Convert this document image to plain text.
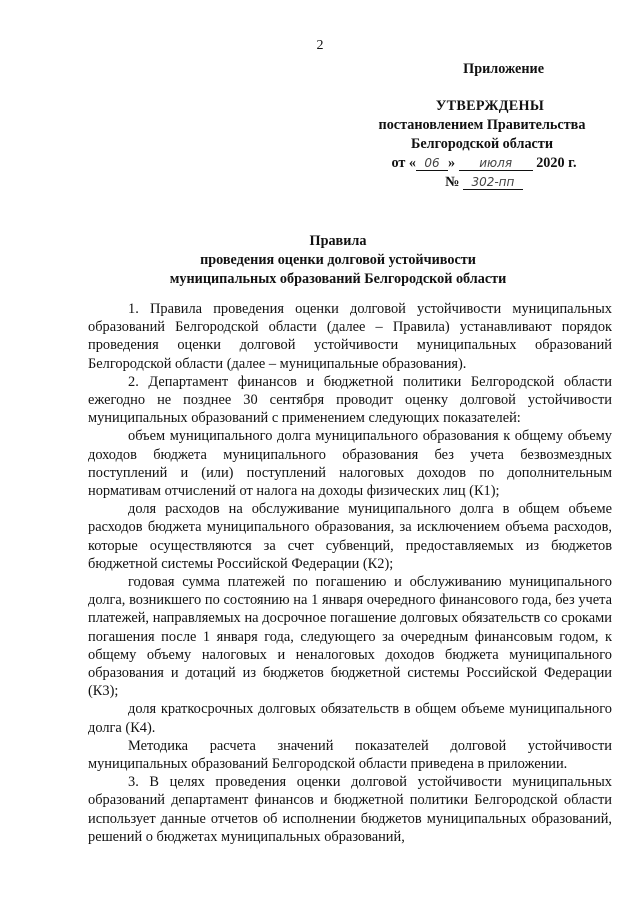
2
Приложение
УТВЕРЖДЕНЫ
постановлением Правительства
Белгородской области
от « 06 » июля 2020 г.
№ 302-пп
Правила
проведения оценки долговой устойчивости
муниципальных образований Белгородской области

1. Правила проведения оценки долговой устойчивости муниципальных образований Белгородской области (далее – Правила) устанавливают порядок проведения оценки долговой устойчивости муниципальных образований Белгородской области (далее – муниципальные образования).

2. Департамент финансов и бюджетной политики Белгородской области ежегодно не позднее 30 сентября проводит оценку долговой устойчивости муниципальных образований с применением следующих показателей:

объем муниципального долга муниципального образования к общему объему доходов бюджета муниципального образования без учета безвозмездных поступлений и (или) поступлений налоговых доходов по дополнительным нормативам отчислений от налога на доходы физических лиц (К1);

доля расходов на обслуживание муниципального долга в общем объеме расходов бюджета муниципального образования, за исключением объема расходов, которые осуществляются за счет субвенций, предоставляемых из бюджетов бюджетной системы Российской Федерации (К2);

годовая сумма платежей по погашению и обслуживанию муниципального долга, возникшего по состоянию на 1 января очередного финансового года, без учета платежей, направляемых на досрочное погашение долговых обязательств со сроками погашения после 1 января года, следующего за очередным финансовым годом, к общему объему налоговых и неналоговых доходов бюджета муниципального образования и дотаций из бюджетов бюджетной системы Российской Федерации (К3);

доля краткосрочных долговых обязательств в общем объеме муниципального долга (К4).

Методика расчета значений показателей долговой устойчивости муниципальных образований Белгородской области приведена в приложении.

3. В целях проведения оценки долговой устойчивости муниципальных образований департамент финансов и бюджетной политики Белгородской области использует данные отчетов об исполнении бюджетов муниципальных образований, решений о бюджетах муниципальных образований,
